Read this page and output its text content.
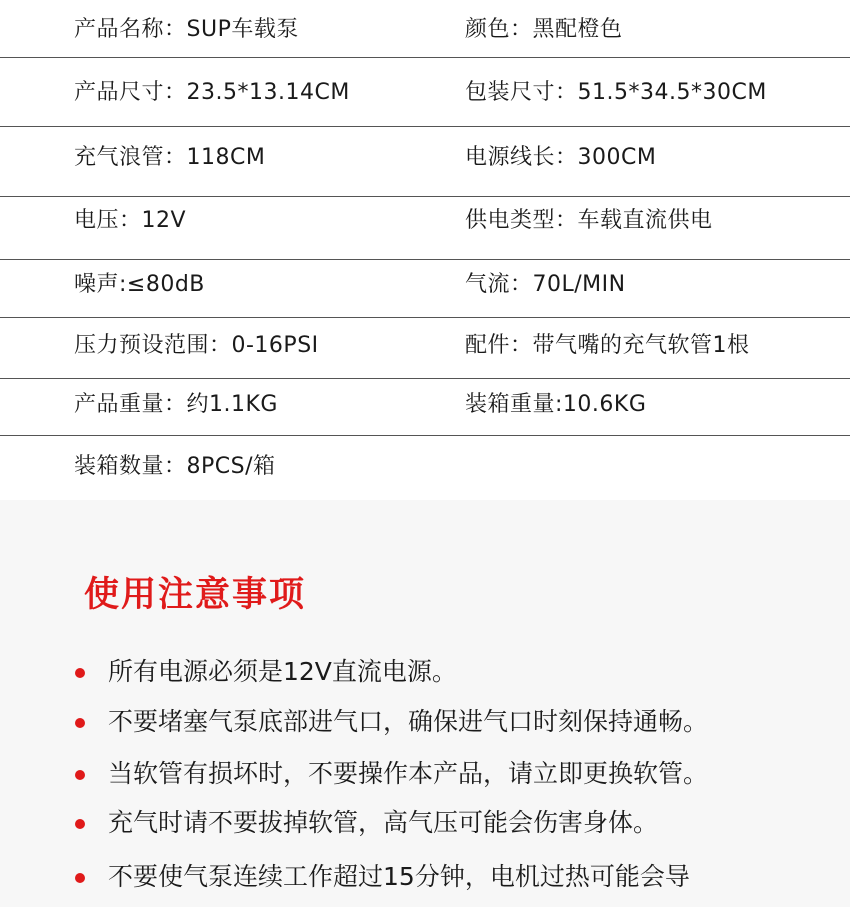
产品名称：SUP车载泵	颜色：黑配橙色
产品尺寸：23.5*13.14CM	包装尺寸：51.5*34.5*30CM
充气浪管：118CM	电源线长：300CM
电压：12V	供电类型：车载直流供电
噪声:≤80dB	气流：70L/MIN
压力预设范围：0-16PSI	配件：带气嘴的充气软管1根
产品重量：约1.1KG	装箱重量:10.6KG
装箱数量：8PCS/箱
使用注意事项
所有电源必须是12V直流电源。
不要堵塞气泵底部进气口，确保进气口时刻保持通畅。
当软管有损坏时，不要操作本产品，请立即更换软管。
充气时请不要拔掉软管，高气压可能会伤害身体。
不要使气泵连续工作超过15分钟，电机过热可能会导
